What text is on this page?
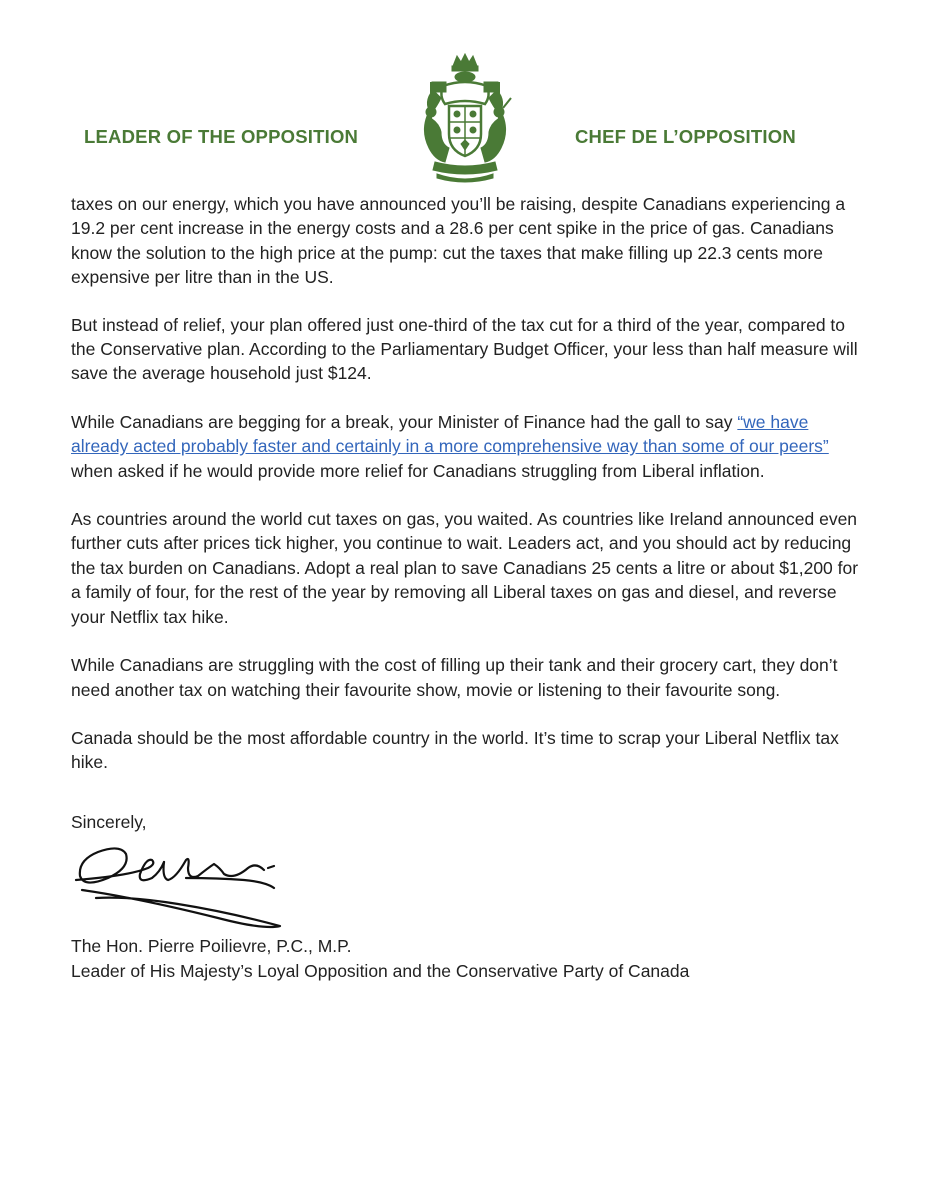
LEADER OF THE OPPOSITION	CHEF DE L’OPPOSITION

taxes on our energy, which you have announced you’ll be raising, despite Canadians experiencing a 19.2 per cent increase in the energy costs and a 28.6 per cent spike in the price of gas. Canadians know the solution to the high price at the pump: cut the taxes that make filling up 22.3 cents more expensive per litre than in the US.

But instead of relief, your plan offered just one-third of the tax cut for a third of the year, compared to the Conservative plan. According to the Parliamentary Budget Officer, your less than half measure will save the average household just $124.

While Canadians are begging for a break, your Minister of Finance had the gall to say “we have already acted probably faster and certainly in a more comprehensive way than some of our peers” when asked if he would provide more relief for Canadians struggling from Liberal inflation.

As countries around the world cut taxes on gas, you waited. As countries like Ireland announced even further cuts after prices tick higher, you continue to wait. Leaders act, and you should act by reducing the tax burden on Canadians. Adopt a real plan to save Canadians 25 cents a litre or about $1,200 for a family of four, for the rest of the year by removing all Liberal taxes on gas and diesel, and reverse your Netflix tax hike.

While Canadians are struggling with the cost of filling up their tank and their grocery cart, they don’t need another tax on watching their favourite show, movie or listening to their favourite song.

Canada should be the most affordable country in the world. It’s time to scrap your Liberal Netflix tax hike.

Sincerely,

The Hon. Pierre Poilievre, P.C., M.P.
Leader of His Majesty’s Loyal Opposition and the Conservative Party of Canada
